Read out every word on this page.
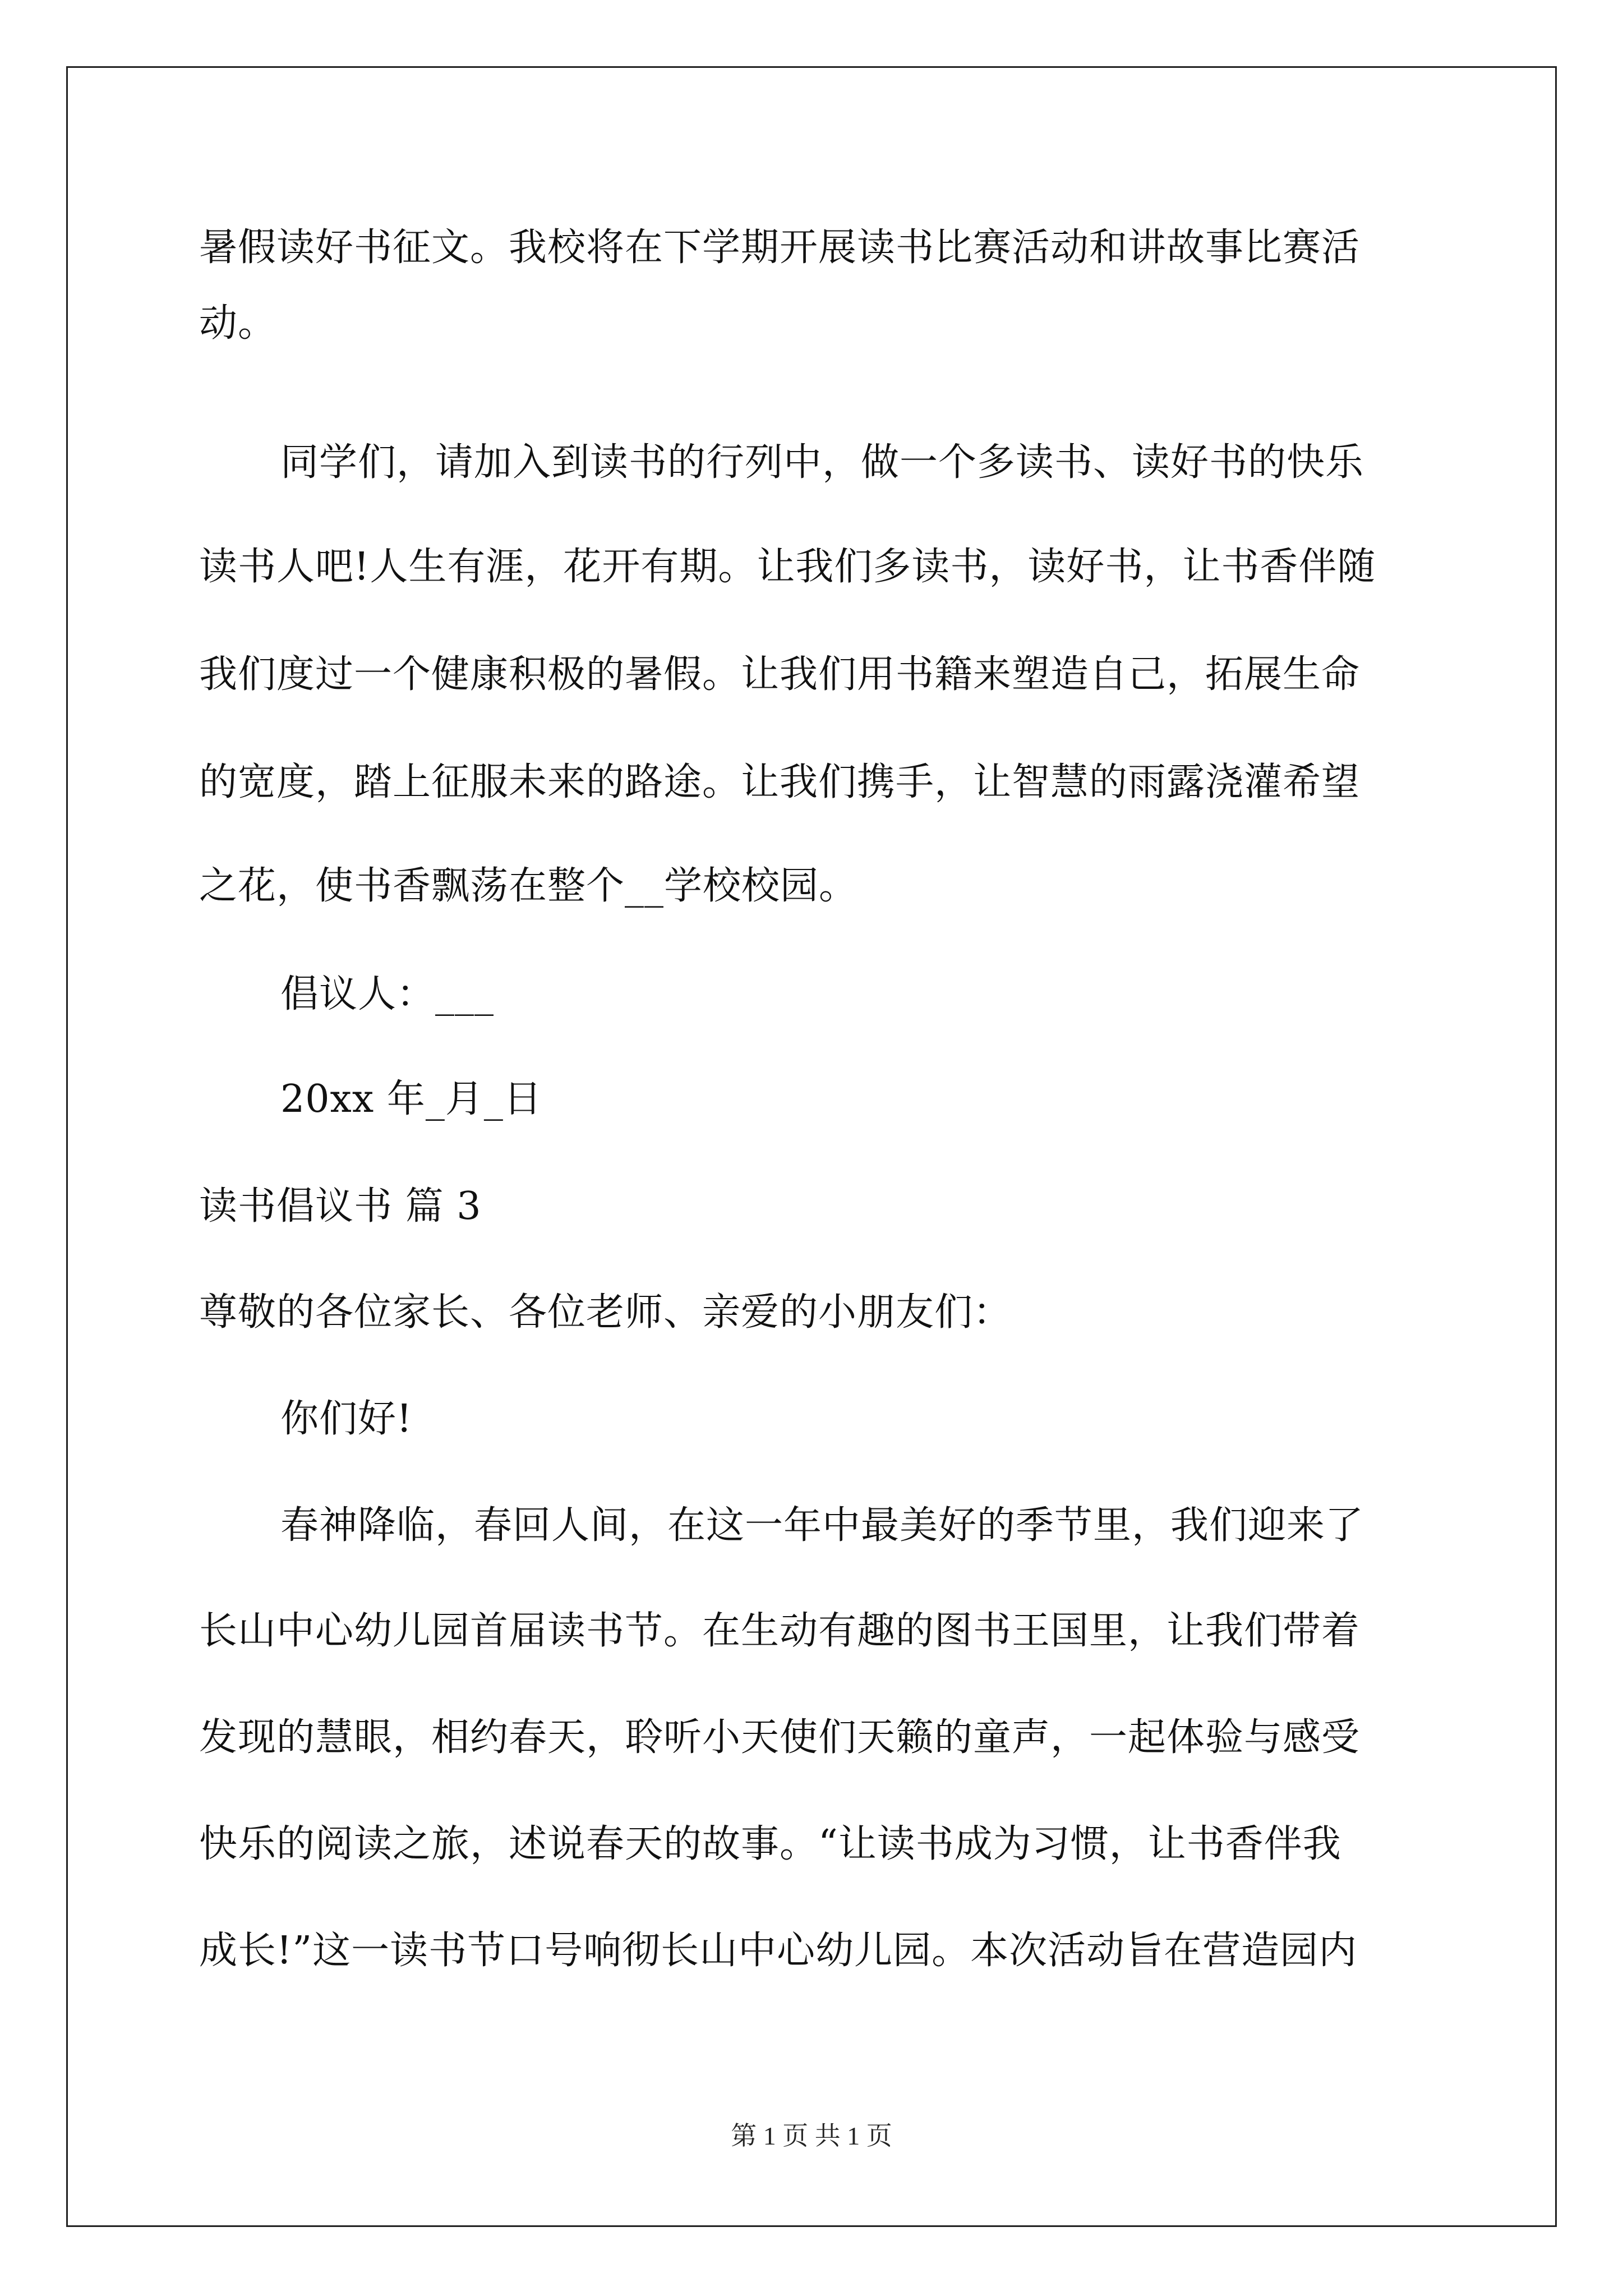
暑假读好书征文。我校将在下学期开展读书比赛活动和讲故事比赛活
动。
同学们，请加入到读书的行列中，做一个多读书、读好书的快乐
读书人吧!人生有涯，花开有期。让我们多读书，读好书，让书香伴随
我们度过一个健康积极的暑假。让我们用书籍来塑造自己，拓展生命
的宽度，踏上征服未来的路途。让我们携手，让智慧的雨露浇灌希望
之花，使书香飘荡在整个__学校校园。
倡议人：___
20xx 年_月_日
读书倡议书 篇 3
尊敬的各位家长、各位老师、亲爱的小朋友们：
你们好!
春神降临，春回人间，在这一年中最美好的季节里，我们迎来了
长山中心幼儿园首届读书节。在生动有趣的图书王国里，让我们带着
发现的慧眼，相约春天，聆听小天使们天籁的童声，一起体验与感受
快乐的阅读之旅，述说春天的故事。“让读书成为习惯，让书香伴我
成长!”这一读书节口号响彻长山中心幼儿园。本次活动旨在营造园内
第 1 页 共 1 页
